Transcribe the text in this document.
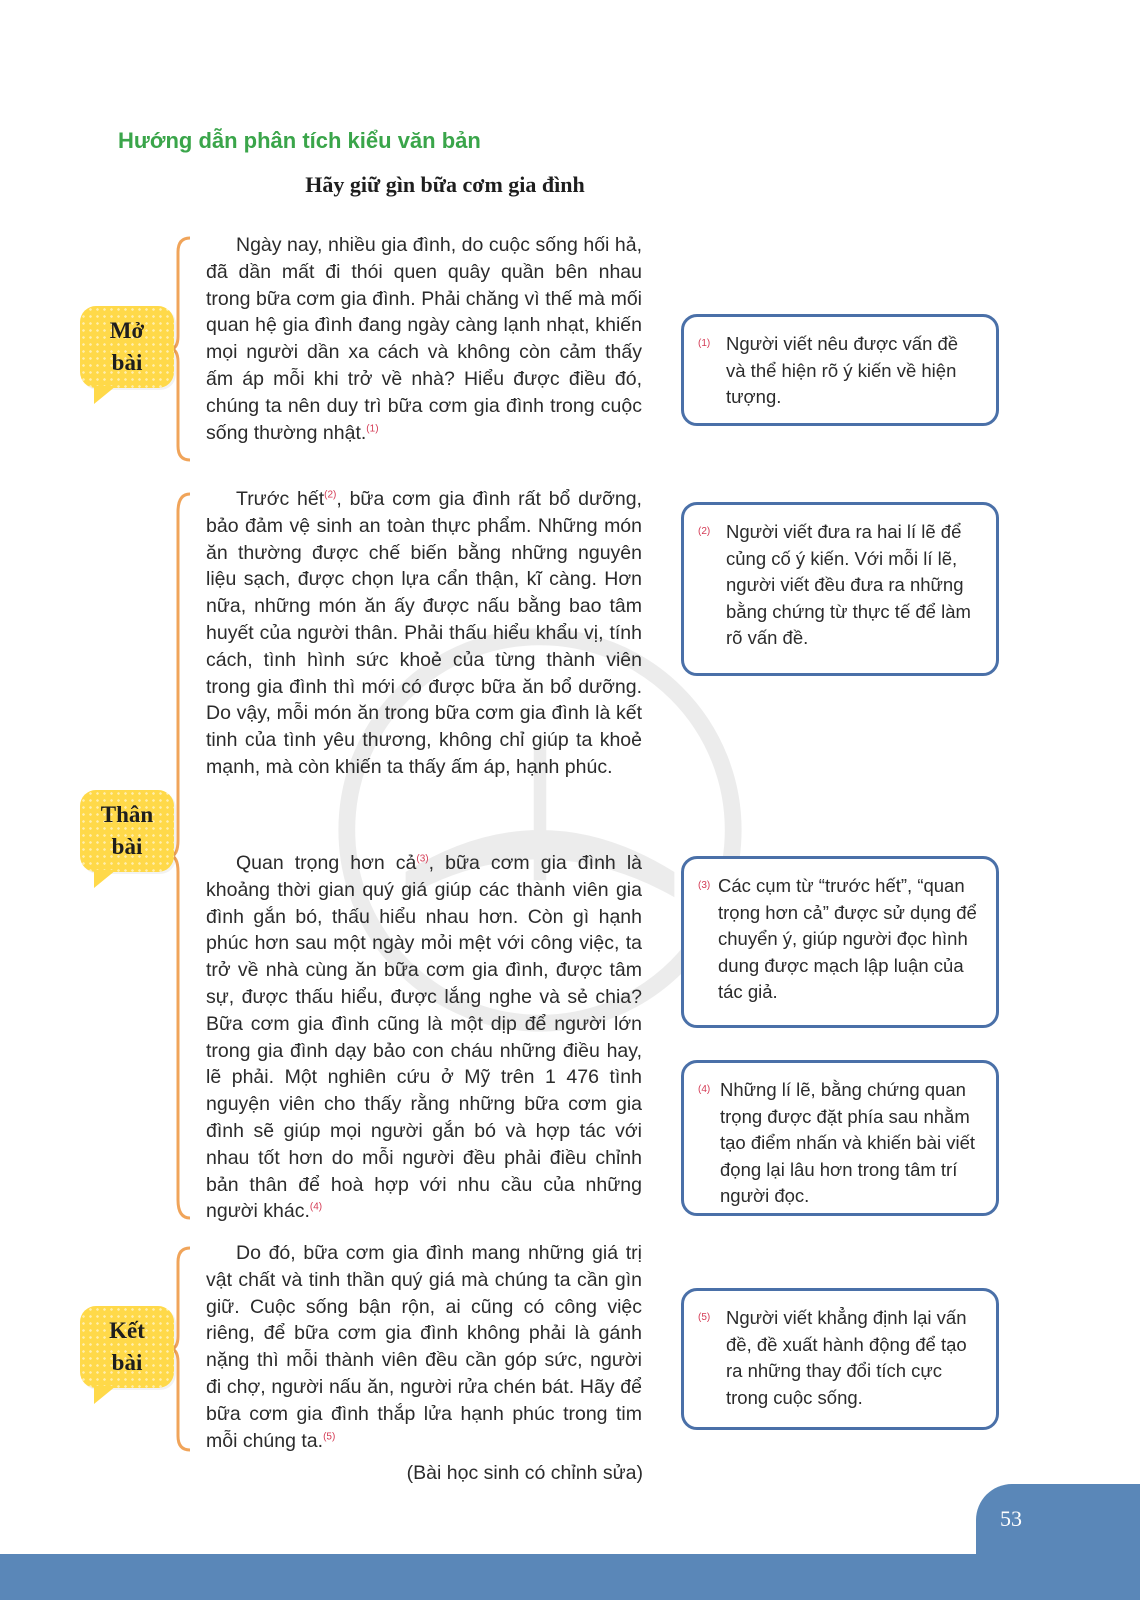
Hướng dẫn phân tích kiểu văn bản
Hãy giữ gìn bữa cơm gia đình
Mở
bài

Ngày nay, nhiều gia đình, do cuộc sống hối hả, đã dần mất đi thói quen quây quần bên nhau trong bữa cơm gia đình. Phải chăng vì thế mà mối quan hệ gia đình đang ngày càng lạnh nhạt, khiến mọi người dần xa cách và không còn cảm thấy ấm áp mỗi khi trở về nhà? Hiểu được điều đó, chúng ta nên duy trì bữa cơm gia đình trong cuộc sống thường nhật.$^{(1)}$

Thân
bài

Trước hết$^{(2)}$, bữa cơm gia đình rất bổ dưỡng, bảo đảm vệ sinh an toàn thực phẩm. Những món ăn thường được chế biến bằng những nguyên liệu sạch, được chọn lựa cẩn thận, kĩ càng. Hơn nữa, những món ăn ấy được nấu bằng bao tâm huyết của người thân. Phải thấu hiểu khẩu vị, tính cách, tình hình sức khoẻ của từng thành viên trong gia đình thì mới có được bữa ăn bổ dưỡng. Do vậy, mỗi món ăn trong bữa cơm gia đình là kết tinh của tình yêu thương, không chỉ giúp ta khoẻ mạnh, mà còn khiến ta thấy ấm áp, hạnh phúc.

Quan trọng hơn cả$^{(3)}$, bữa cơm gia đình là khoảng thời gian quý giá giúp các thành viên gia đình gắn bó, thấu hiểu nhau hơn. Còn gì hạnh phúc hơn sau một ngày mỏi mệt với công việc, ta trở về nhà cùng ăn bữa cơm gia đình, được tâm sự, được thấu hiểu, được lắng nghe và sẻ chia? Bữa cơm gia đình cũng là một dịp để người lớn trong gia đình dạy bảo con cháu những điều hay, lẽ phải. Một nghiên cứu ở Mỹ trên 1 476 tình nguyện viên cho thấy rằng những bữa cơm gia đình sẽ giúp mọi người gắn bó và hợp tác với nhau tốt hơn do mỗi người đều phải điều chỉnh bản thân để hoà hợp với nhu cầu của những người khác.$^{(4)}$

Kết
bài

Do đó, bữa cơm gia đình mang những giá trị vật chất và tinh thần quý giá mà chúng ta cần gìn giữ. Cuộc sống bận rộn, ai cũng có công việc riêng, để bữa cơm gia đình không phải là gánh nặng thì mỗi thành viên đều cần góp sức, người đi chợ, người nấu ăn, người rửa chén bát. Hãy để bữa cơm gia đình thắp lửa hạnh phúc trong tim mỗi chúng ta.$^{(5)}$

(Bài học sinh có chỉnh sửa)
(1) Người viết nêu được vấn đề và thể hiện rõ ý kiến về hiện tượng.
(2) Người viết đưa ra hai lí lẽ để củng cố ý kiến. Với mỗi lí lẽ, người viết đều đưa ra những bằng chứng từ thực tế để làm rõ vấn đề.
(3) Các cụm từ “trước hết”, “quan trọng hơn cả” được sử dụng để chuyển ý, giúp người đọc hình dung được mạch lập luận của tác giả.
(4) Những lí lẽ, bằng chứng quan trọng được đặt phía sau nhằm tạo điểm nhấn và khiến bài viết đọng lại lâu hơn trong tâm trí người đọc.
(5) Người viết khẳng định lại vấn đề, đề xuất hành động để tạo ra những thay đổi tích cực trong cuộc sống.
53
